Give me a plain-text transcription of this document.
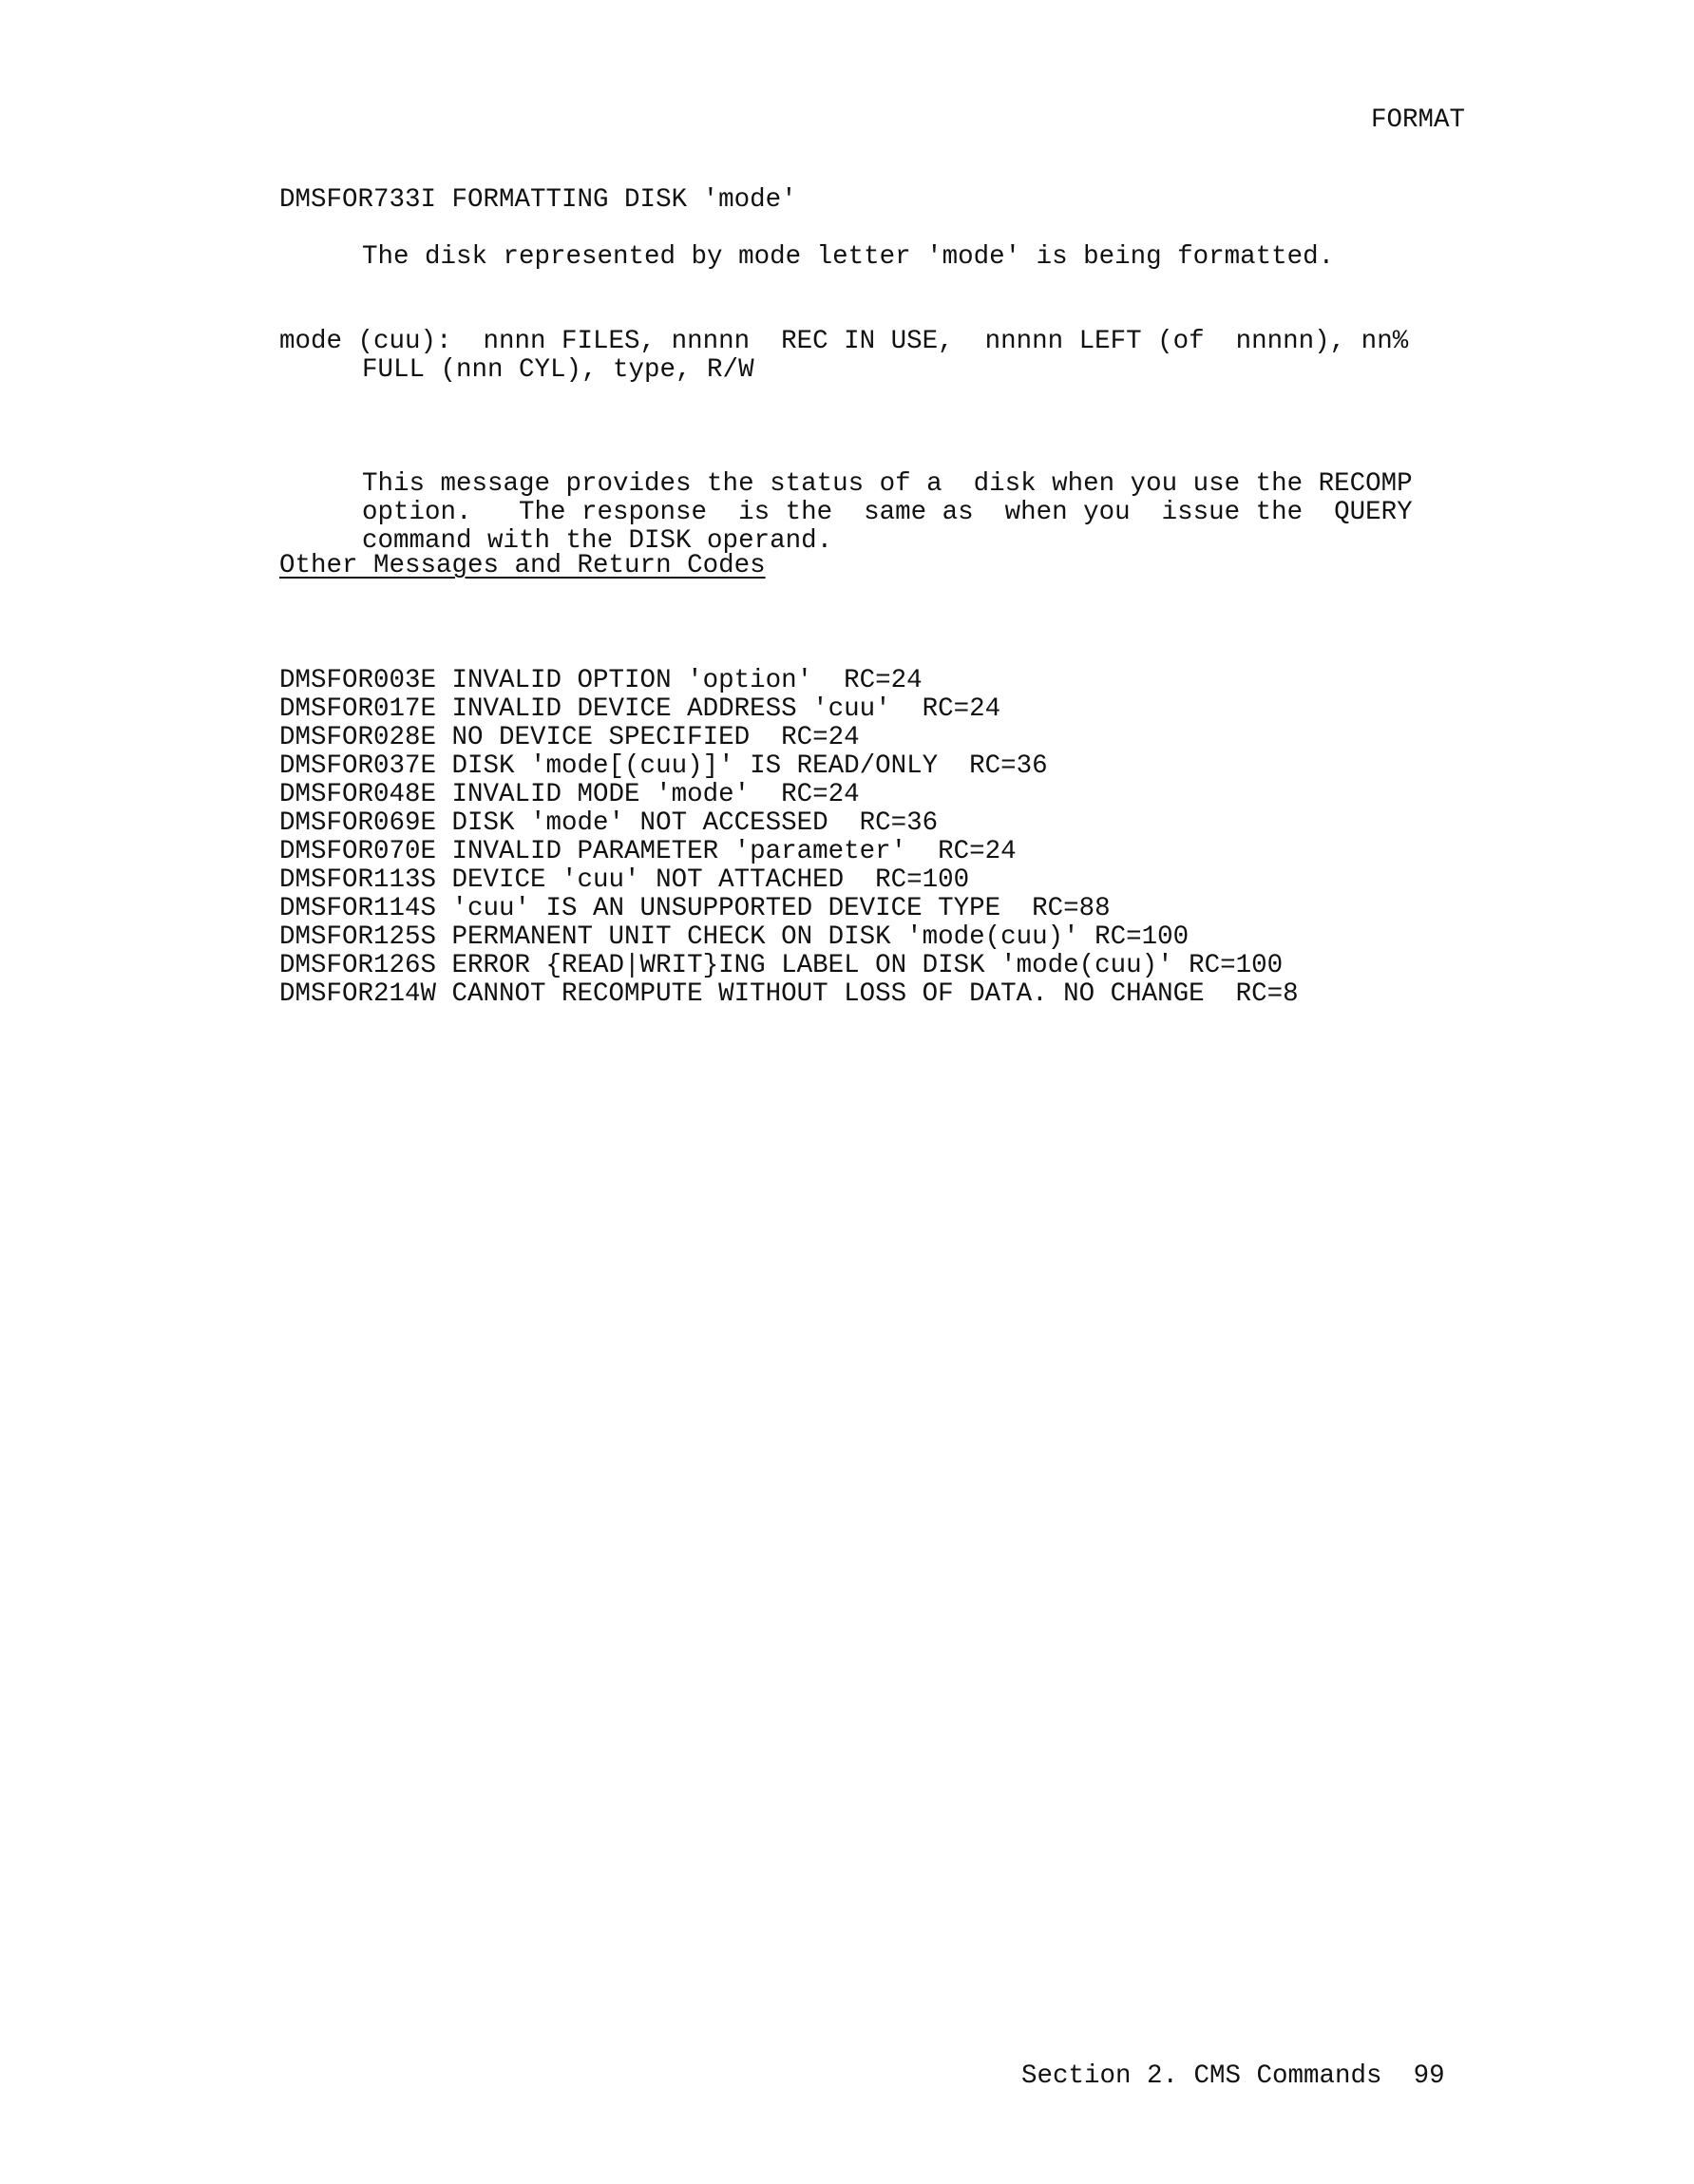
FORMAT
DMSFOR733I FORMATTING DISK 'mode'
The disk represented by mode letter 'mode' is being formatted.
mode (cuu):  nnnn FILES, nnnnn  REC IN USE,  nnnnn LEFT (of  nnnnn), nn%
FULL (nnn CYL), type, R/W

This message provides the status of a  disk when you use the RECOMP
option.   The response  is the  same as  when you  issue the  QUERY
command with the DISK operand.

Other Messages and Return Codes

DMSFOR003E INVALID OPTION 'option'  RC=24
DMSFOR017E INVALID DEVICE ADDRESS 'cuu'  RC=24
DMSFOR028E NO DEVICE SPECIFIED  RC=24
DMSFOR037E DISK 'mode[(cuu)]' IS READ/ONLY  RC=36
DMSFOR048E INVALID MODE 'mode'  RC=24
DMSFOR069E DISK 'mode' NOT ACCESSED  RC=36
DMSFOR070E INVALID PARAMETER 'parameter'  RC=24
DMSFOR113S DEVICE 'cuu' NOT ATTACHED  RC=100
DMSFOR114S 'cuu' IS AN UNSUPPORTED DEVICE TYPE  RC=88
DMSFOR125S PERMANENT UNIT CHECK ON DISK 'mode(cuu)' RC=100
DMSFOR126S ERROR {READ|WRIT}ING LABEL ON DISK 'mode(cuu)' RC=100
DMSFOR214W CANNOT RECOMPUTE WITHOUT LOSS OF DATA. NO CHANGE  RC=8

Section 2. CMS Commands  99
